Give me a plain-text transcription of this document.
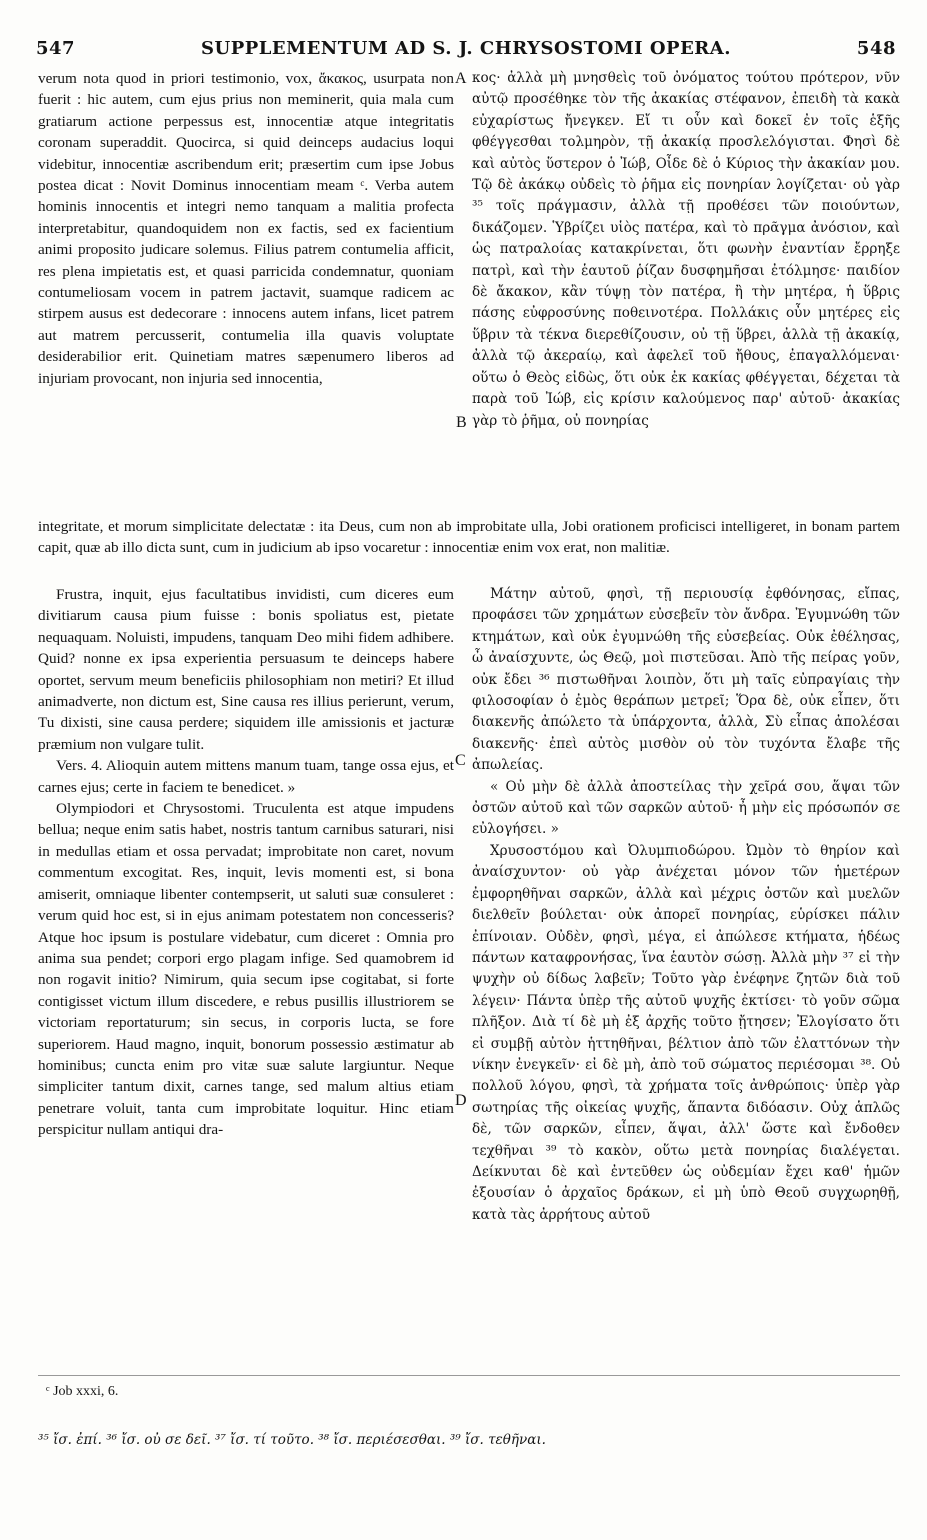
547	SUPPLEMENTUM AD S. J. CHRYSOSTOMI OPERA.	548

verum nota quod in priori testimonio, vox, ἄκακος, usurpata non fuerit : hic autem, cum ejus prius non meminerit, quia mala cum gratiarum actione perpessus est, innocentiæ atque integritatis coronam superaddit. Quocirca, si quid deinceps audacius loqui videbitur, innocentiæ ascribendum erit; præsertim cum ipse Jobus postea dicat : Novit Dominus innocentiam meam ᶜ. Verba autem hominis innocentis et integri nemo tanquam a malitia profecta interpretabitur, quandoquidem non ex factis, sed ex facientium animi proposito judicare solemus. Filius patrem contumelia afficit, res plena impietatis est, et quasi parricida condemnatur, quoniam contumeliosam vocem in patrem jactavit, suamque radicem ac stirpem ausus est dedecorare : innocens autem infans, licet patrem aut matrem percusserit, contumelia illa quavis voluptate desiderabilior erit. Quinetiam matres sæpenumero liberos ad injuriam provocant, non injuria sed innocentia,

A κος· ἀλλὰ μὴ μνησθεὶς τοῦ ὀνόματος τούτου πρότερον, νῦν αὐτῷ προσέθηκε τὸν τῆς ἀκακίας στέφανον, ἐπειδὴ τὰ κακὰ εὐχαρίστως ἤνεγκεν. Εἴ τι οὖν καὶ δοκεῖ ἐν τοῖς ἑξῆς φθέγγεσθαι τολμηρὸν, τῇ ἀκακίᾳ προσλελόγισται. Φησὶ δὲ καὶ αὐτὸς ὕστερον ὁ Ἰώβ, Οἶδε δὲ ὁ Κύριος τὴν ἀκακίαν μου. Τῷ δὲ ἀκάκῳ οὐδεὶς τὸ ῥῆμα εἰς πονηρίαν λογίζεται· οὐ γὰρ ³⁵ τοῖς πράγμασιν, ἀλλὰ τῇ προθέσει τῶν ποιούντων, δικάζομεν. Ὑβρίζει υἱὸς πατέρα, καὶ τὸ πρᾶγμα ἀνόσιον, καὶ ὡς πατραλοίας κατακρίνεται, ὅτι φωνὴν ἐναντίαν ἔρρηξε πατρὶ, καὶ τὴν ἑαυτοῦ ῥίζαν δυσφημῆσαι ἐτόλμησε· παιδίον δὲ ἄκακον, κἂν τύψῃ τὸν πατέρα, ἢ τὴν μητέρα, ἡ ὕβρις πάσης εὐφροσύνης ποθεινοτέρα. Πολλάκις οὖν μητέρες εἰς ὕβριν τὰ τέκνα διερεθίζουσιν, οὐ τῇ ὕβρει, ἀλλὰ τῇ ἀκακίᾳ, ἀλλὰ τῷ ἀκεραίῳ, καὶ ἀφελεῖ τοῦ ἤθους, ἐπαγαλλόμεναι· οὕτω ὁ Θεὸς εἰδὼς, ὅτι οὐκ ἐκ κακίας φθέγγεται, δέχεται τὰ παρὰ τοῦ Ἰώβ, εἰς κρίσιν καλούμενος παρ' αὐτοῦ· ἀκακίας γὰρ τὸ ῥῆμα, οὐ πονηρίας

B

integritate, et morum simplicitate delectatæ : ita Deus, cum non ab improbitate ulla, Jobi orationem proficisci intelligeret, in bonam partem capit, quæ ab illo dicta sunt, cum in judicium ab ipso vocaretur : innocentiæ enim vox erat, non malitiæ.

Frustra, inquit, ejus facultatibus invidisti, cum diceres eum divitiarum causa pium fuisse : bonis spoliatus est, pietate nequaquam. Noluisti, impudens, tanquam Deo mihi fidem adhibere. Quid? nonne ex ipsa experientia persuasum te deinceps habere oportet, servum meum beneficiis philosophiam non metiri? Et illud animadverte, non dictum est, Sine causa res illius perierunt, verum, Tu dixisti, sine causa perdere; siquidem ille amissionis et jacturæ præmium non vulgare tulit.

Vers. 4. Alioquin autem mittens manum tuam, tange ossa ejus, et carnes ejus; certe in faciem te benedicet. »

Olympiodori et Chrysostomi. Truculenta est atque impudens bellua; neque enim satis habet, nostris tantum carnibus saturari, nisi in medullas etiam et ossa pervadat; improbitate non caret, novum commentum excogitat. Res, inquit, levis momenti est, si bona amiserit, omniaque libenter contempserit, ut saluti suæ consuleret : verum quid hoc est, si in ejus animam potestatem non concesseris? Atque hoc ipsum is postulare videbatur, cum diceret : Omnia pro anima sua pendet; corpori ergo plagam infige. Sed quamobrem id non rogavit initio? Nimirum, quia secum ipse cogitabat, si forte contigisset victum illum discedere, e rebus pusillis illustriorem se victoriam reportaturum; sin secus, in corporis lucta, se fore superiorem. Haud magno, inquit, bonorum possessio æstimatur ab hominibus; cuncta enim pro vitæ suæ salute largiuntur. Neque simpliciter tantum dixit, carnes tange, sed malum altius etiam penetrare voluit, tanta cum improbitate loquitur. Hinc etiam perspicitur nullam antiqui dra-

C
D

Μάτην αὐτοῦ, φησὶ, τῇ περιουσίᾳ ἐφθόνησας, εἴπας, προφάσει τῶν χρημάτων εὐσεβεῖν τὸν ἄνδρα. Ἐγυμνώθη τῶν κτημάτων, καὶ οὐκ ἐγυμνώθη τῆς εὐσεβείας. Οὐκ ἐθέλησας, ὦ ἀναίσχυντε, ὡς Θεῷ, μοὶ πιστεῦσαι. Ἀπὸ τῆς πείρας γοῦν, οὐκ ἔδει ³⁶ πιστωθῆναι λοιπὸν, ὅτι μὴ ταῖς εὐπραγίαις τὴν φιλοσοφίαν ὁ ἐμὸς θεράπων μετρεῖ; Ὅρα δὲ, οὐκ εἶπεν, ὅτι διακενῆς ἀπώλετο τὰ ὑπάρχοντα, ἀλλὰ, Σὺ εἶπας ἀπολέσαι διακενῆς· ἐπεὶ αὐτὸς μισθὸν οὐ τὸν τυχόντα ἔλαβε τῆς ἀπωλείας.

« Οὐ μὴν δὲ ἀλλὰ ἀποστείλας τὴν χεῖρά σου, ἅψαι τῶν ὀστῶν αὐτοῦ καὶ τῶν σαρκῶν αὐτοῦ· ἦ μὴν εἰς πρόσωπόν σε εὐλογήσει. »

Χρυσοστόμου καὶ Ὀλυμπιοδώρου. Ὠμὸν τὸ θηρίον καὶ ἀναίσχυντον· οὐ γὰρ ἀνέχεται μόνον τῶν ἡμετέρων ἐμφορηθῆναι σαρκῶν, ἀλλὰ καὶ μέχρις ὀστῶν καὶ μυελῶν διελθεῖν βούλεται· οὐκ ἀπορεῖ πονηρίας, εὑρίσκει πάλιν ἐπίνοιαν. Οὐδὲν, φησὶ, μέγα, εἰ ἀπώλεσε κτήματα, ἡδέως πάντων καταφρονήσας, ἵνα ἑαυτὸν σώσῃ. Ἀλλὰ μὴν ³⁷ εἰ τὴν ψυχὴν οὐ δίδως λαβεῖν; Τοῦτο γὰρ ἐνέφηνε ζητῶν διὰ τοῦ λέγειν· Πάντα ὑπὲρ τῆς αὐτοῦ ψυχῆς ἐκτίσει· τὸ γοῦν σῶμα πλῆξον. Διὰ τί δὲ μὴ ἐξ ἀρχῆς τοῦτο ᾔτησεν; Ἐλογίσατο ὅτι εἰ συμβῇ αὐτὸν ἡττηθῆναι, βέλτιον ἀπὸ τῶν ἐλαττόνων τὴν νίκην ἐνεγκεῖν· εἰ δὲ μὴ, ἀπὸ τοῦ σώματος περιέσομαι ³⁸. Οὐ πολλοῦ λόγου, φησὶ, τὰ χρήματα τοῖς ἀνθρώποις· ὑπὲρ γὰρ σωτηρίας τῆς οἰκείας ψυχῆς, ἅπαντα διδόασιν. Οὐχ ἁπλῶς δὲ, τῶν σαρκῶν, εἶπεν, ἅψαι, ἀλλ' ὥστε καὶ ἔνδοθεν τεχθῆναι ³⁹ τὸ κακὸν, οὕτω μετὰ πονηρίας διαλέγεται. Δείκνυται δὲ καὶ ἐντεῦθεν ὡς οὐδεμίαν ἔχει καθ' ἡμῶν ἐξουσίαν ὁ ἀρχαῖος δράκων, εἰ μὴ ὑπὸ Θεοῦ συγχωρηθῇ, κατὰ τὰς ἀρρήτους αὐτοῦ

ᶜ Job xxxi, 6.
³⁵ ἴσ. ἐπί. ³⁶ ἴσ. οὐ σε δεῖ. ³⁷ ἴσ. τί τοῦτο. ³⁸ ἴσ. περιέσεσθαι. ³⁹ ἴσ. τεθῆναι.
